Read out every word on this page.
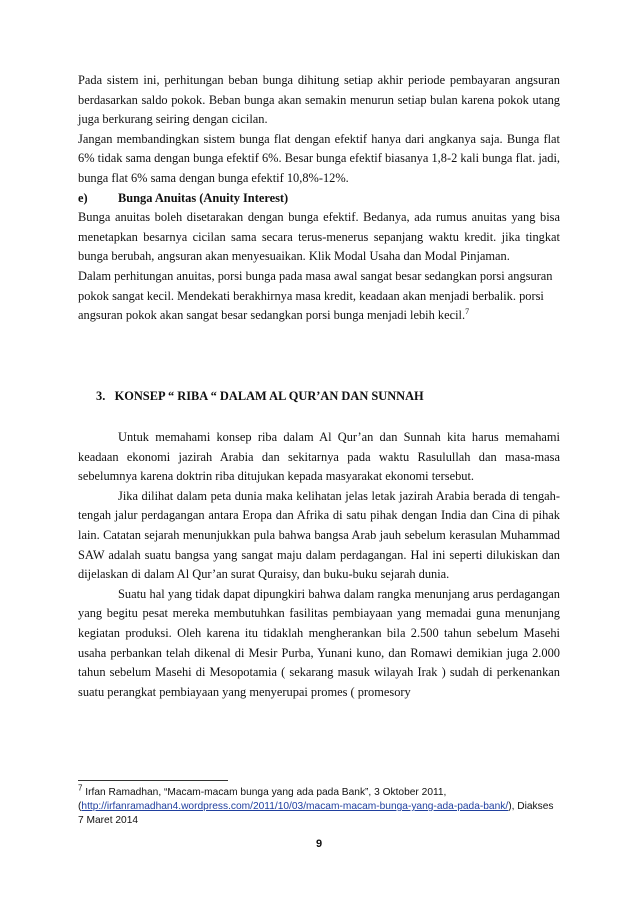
Pada sistem ini, perhitungan beban bunga dihitung setiap akhir periode pembayaran angsuran berdasarkan saldo pokok. Beban bunga akan semakin menurun setiap bulan karena pokok utang juga berkurang seiring dengan cicilan.

Jangan membandingkan sistem bunga flat dengan efektif hanya dari angkanya saja. Bunga flat 6% tidak sama dengan bunga efektif 6%. Besar bunga efektif biasanya 1,8-2 kali bunga flat. jadi, bunga flat 6% sama dengan bunga efektif 10,8%-12%.

e)	Bunga Anuitas (Anuity Interest)

Bunga anuitas boleh disetarakan dengan bunga efektif. Bedanya, ada rumus anuitas yang bisa menetapkan besarnya cicilan sama secara terus-menerus sepanjang waktu kredit. jika tingkat bunga berubah, angsuran akan menyesuaikan. Klik Modal Usaha dan Modal Pinjaman.

Dalam perhitungan anuitas, porsi bunga pada masa awal sangat besar sedangkan porsi angsuran pokok sangat kecil. Mendekati berakhirnya masa kredit, keadaan akan menjadi berbalik. porsi angsuran pokok akan sangat besar sedangkan porsi bunga menjadi lebih kecil.$^7$

3.   KONSEP “ RIBA “ DALAM AL QUR’AN DAN SUNNAH

Untuk memahami konsep riba dalam Al Qur’an dan Sunnah kita harus memahami keadaan ekonomi jazirah Arabia dan sekitarnya pada waktu Rasulullah dan masa-masa sebelumnya karena doktrin riba ditujukan kepada masyarakat ekonomi tersebut.

Jika dilihat dalam peta dunia maka kelihatan jelas letak jazirah Arabia berada di tengah-tengah jalur perdagangan antara Eropa dan Afrika di satu pihak dengan India dan Cina di pihak lain. Catatan sejarah menunjukkan pula bahwa bangsa Arab jauh sebelum kerasulan Muhammad SAW adalah suatu bangsa yang sangat maju dalam perdagangan. Hal ini seperti dilukiskan dan dijelaskan di dalam Al Qur’an surat Quraisy, dan buku-buku sejarah dunia.

Suatu hal yang tidak dapat dipungkiri bahwa dalam rangka menunjang arus perdagangan yang begitu pesat mereka membutuhkan fasilitas pembiayaan yang memadai guna menunjang kegiatan produksi. Oleh karena itu tidaklah mengherankan bila 2.500 tahun sebelum Masehi usaha perbankan telah dikenal di Mesir Purba, Yunani kuno, dan Romawi demikian juga 2.000 tahun sebelum Masehi di Mesopotamia ( sekarang masuk wilayah Irak ) sudah di perkenankan suatu perangkat pembiayaan yang menyerupai promes ( promesory

$^7$ Irfan Ramadhan, “Macam-macam bunga yang ada pada Bank”, 3 Oktober 2011,
(http://irfanramadhan4.wordpress.com/2011/10/03/macam-macam-bunga-yang-ada-pada-bank/), Diakses 7 Maret 2014
9
